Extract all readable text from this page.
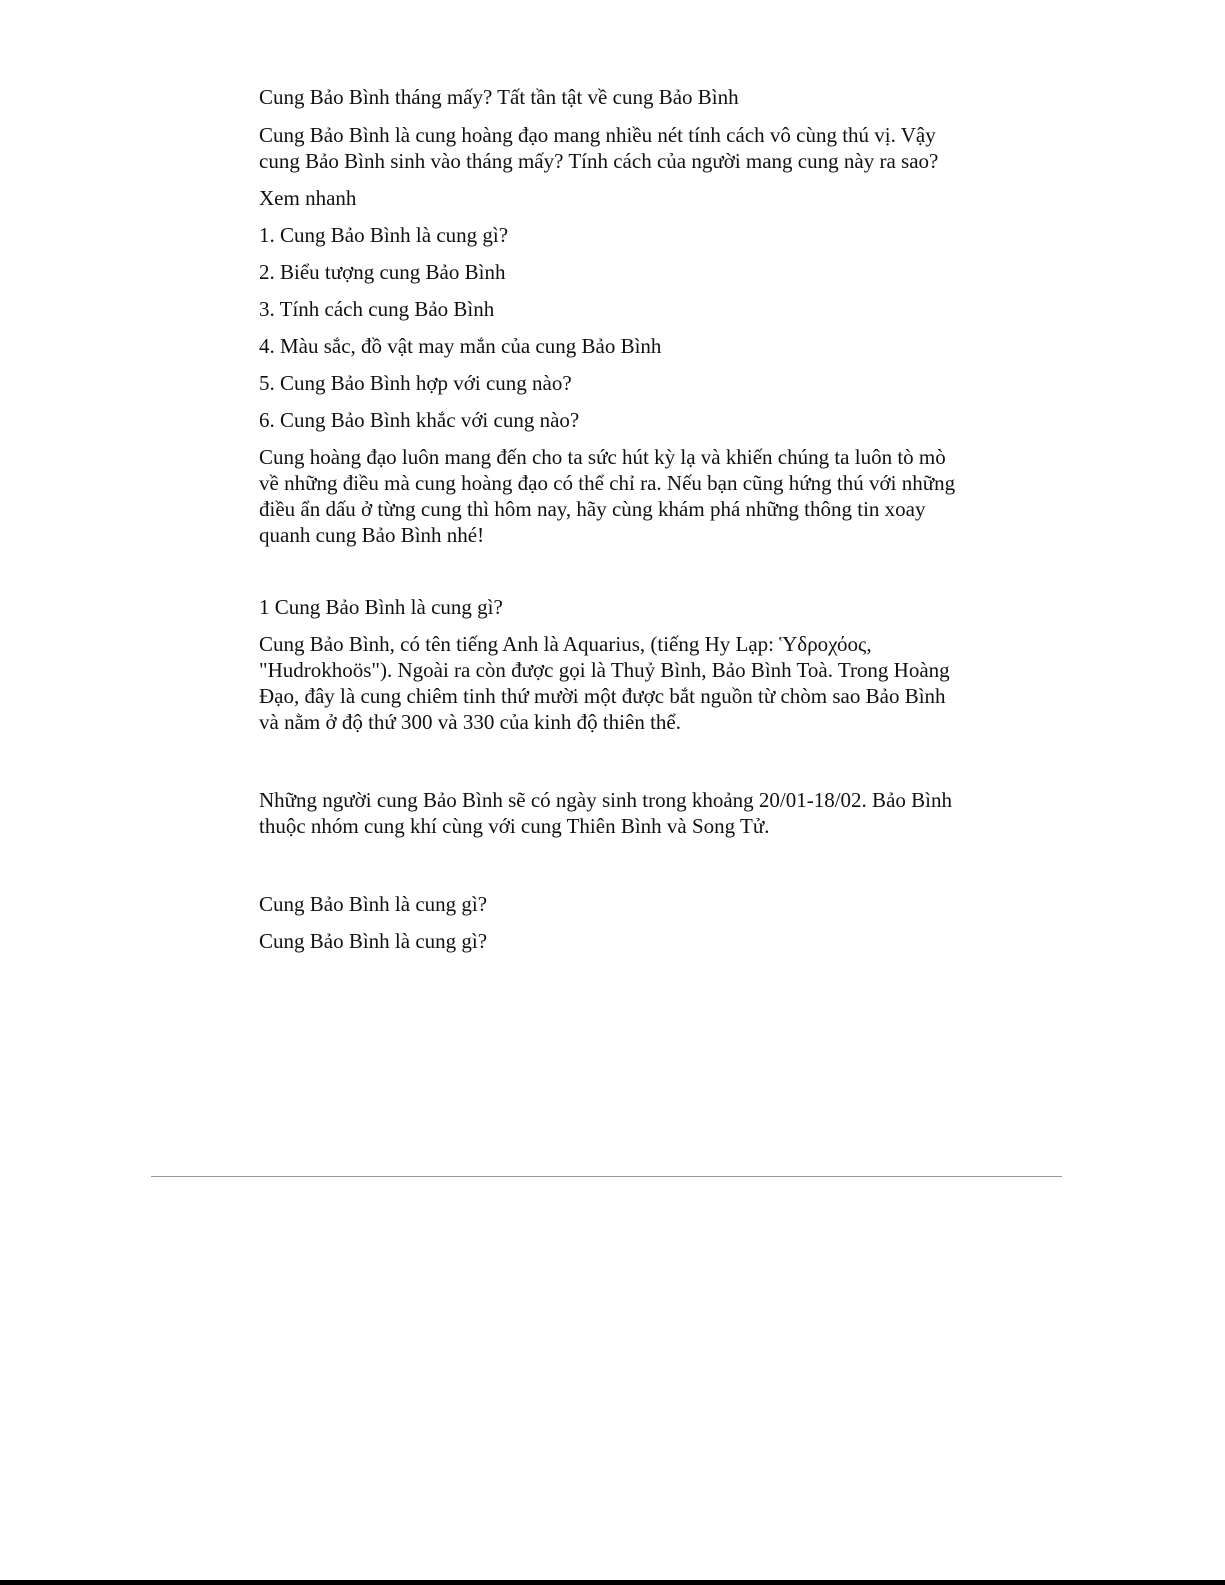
Cung Bảo Bình tháng mấy? Tất tần tật về cung Bảo Bình

Cung Bảo Bình là cung hoàng đạo mang nhiều nét tính cách vô cùng thú vị. Vậy cung Bảo Bình sinh vào tháng mấy? Tính cách của người mang cung này ra sao?

Xem nhanh

1. Cung Bảo Bình là cung gì?

2. Biểu tượng cung Bảo Bình

3. Tính cách cung Bảo Bình

4. Màu sắc, đồ vật may mắn của cung Bảo Bình

5. Cung Bảo Bình hợp với cung nào?

6. Cung Bảo Bình khắc với cung nào?

Cung hoàng đạo luôn mang đến cho ta sức hút kỳ lạ và khiến chúng ta luôn tò mò về những điều mà cung hoàng đạo có thể chỉ ra. Nếu bạn cũng hứng thú với những điều ẩn dấu ở từng cung thì hôm nay, hãy cùng khám phá những thông tin xoay quanh cung Bảo Bình nhé!

1 Cung Bảo Bình là cung gì?

Cung Bảo Bình, có tên tiếng Anh là Aquarius, (tiếng Hy Lạp: Ὑδροχόος, "Hudrokhoös"). Ngoài ra còn được gọi là Thuỷ Bình, Bảo Bình Toà. Trong Hoàng Đạo, đây là cung chiêm tinh thứ mười một được bắt nguồn từ chòm sao Bảo Bình và nằm ở độ thứ 300 và 330 của kinh độ thiên thể.

Những người cung Bảo Bình sẽ có ngày sinh trong khoảng 20/01-18/02. Bảo Bình thuộc nhóm cung khí cùng với cung Thiên Bình và Song Tử.

Cung Bảo Bình là cung gì?

Cung Bảo Bình là cung gì?
